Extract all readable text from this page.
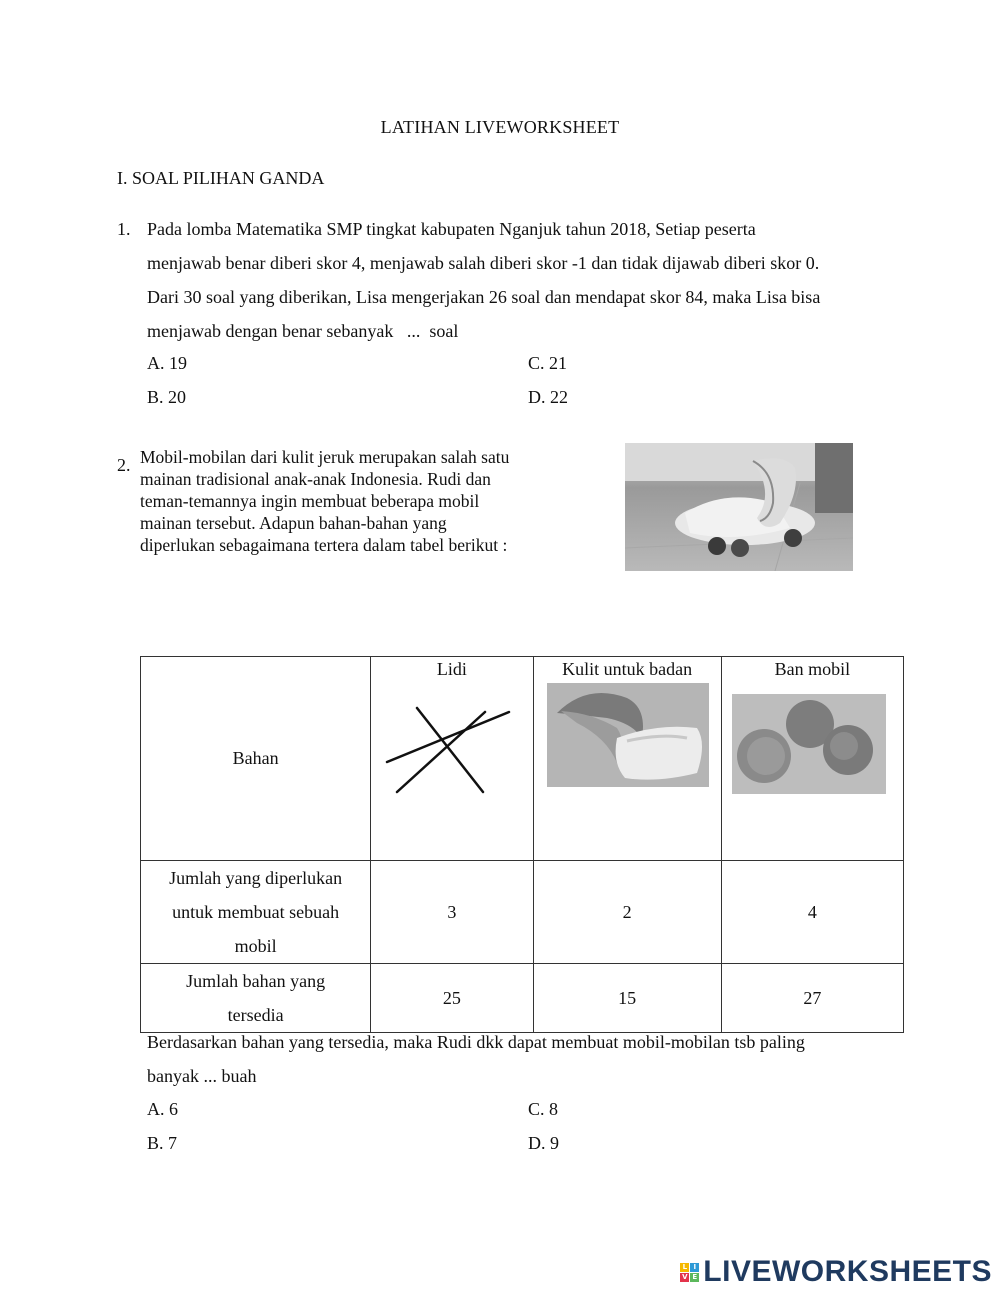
LATIHAN LIVEWORKSHEET
I. SOAL PILIHAN GANDA
1. Pada lomba Matematika SMP tingkat kabupaten Nganjuk tahun 2018, Setiap peserta
menjawab benar diberi skor 4, menjawab salah diberi skor -1 dan tidak dijawab diberi skor 0.
Dari 30 soal yang diberikan, Lisa mengerjakan 26 soal dan mendapat skor 84, maka Lisa bisa
menjawab dengan benar sebanyak   ...  soal
A. 19
B. 20
C. 21
D. 22
2. Mobil-mobilan dari kulit jeruk merupakan salah satu
mainan tradisional anak-anak Indonesia. Rudi dan
teman-temannya ingin membuat beberapa mobil
mainan tersebut. Adapun bahan-bahan yang
diperlukan sebagaimana tertera dalam tabel berikut :
Bahan	Lidi	Kulit untuk badan	Ban mobil

Jumlah yang diperlukan
untuk membuat sebuah
mobil	3	2	4

Jumlah bahan yang
tersedia	25	15	27
Berdasarkan bahan yang tersedia, maka Rudi dkk dapat membuat mobil-mobilan tsb paling
banyak ... buah
A. 6
B. 7
C. 8
D. 9
L I
V E LIVEWORKSHEETS
